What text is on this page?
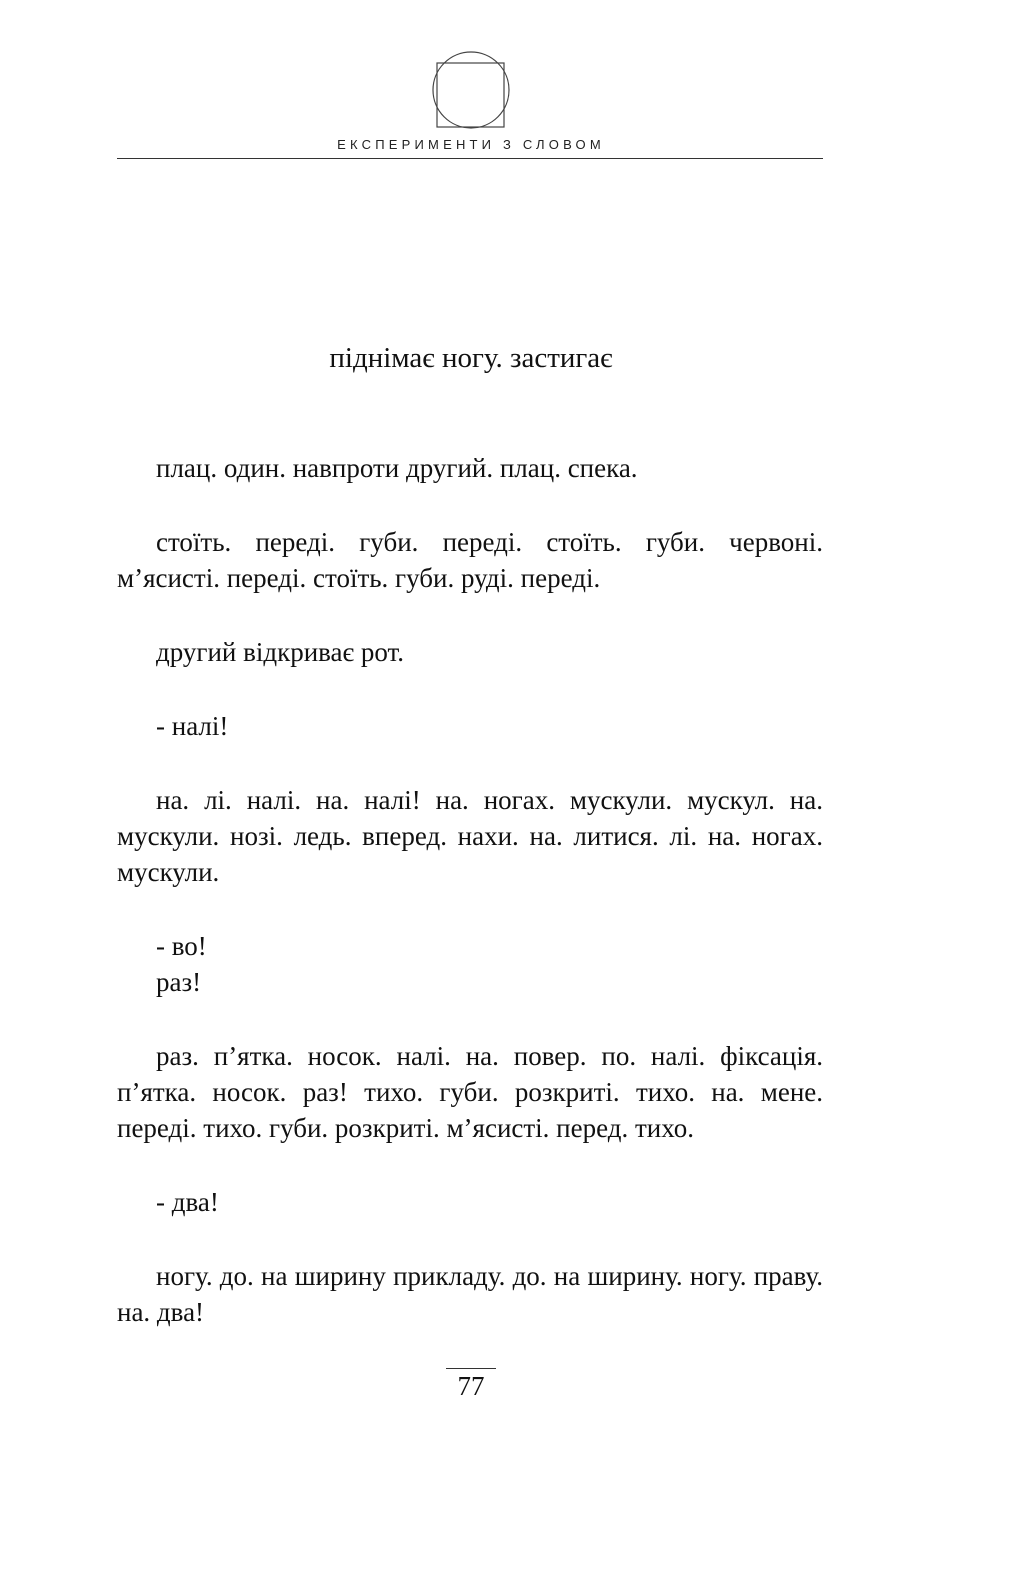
ЕКСПЕРИМЕНТИ З СЛОВОМ
піднімає ногу. застигає

плац. один. навпроти другий. плац. спека.

стоїть. переді. губи. переді. стоїть. губи. червоні. м’ясисті. переді. стоїть. губи. руді. переді.

другий відкриває рот.

- налі!

на. лі. налі. на. налі! на. ногах. мускули. мускул. на. мускули. нозі. ледь. вперед. нахи. на. литися. лі. на. ногах. мускули.

- во!

раз!

раз. п’ятка. носок. налі. на. повер. по. налі. фіксація. п’ятка. носок. раз! тихо. губи. розкриті. тихо. на. мене. переді. тихо. губи. розкриті. м’ясисті. перед. тихо.

- два!

ногу. до. на ширину прикладу. до. на ширину. ногу. праву. на. два!

77
